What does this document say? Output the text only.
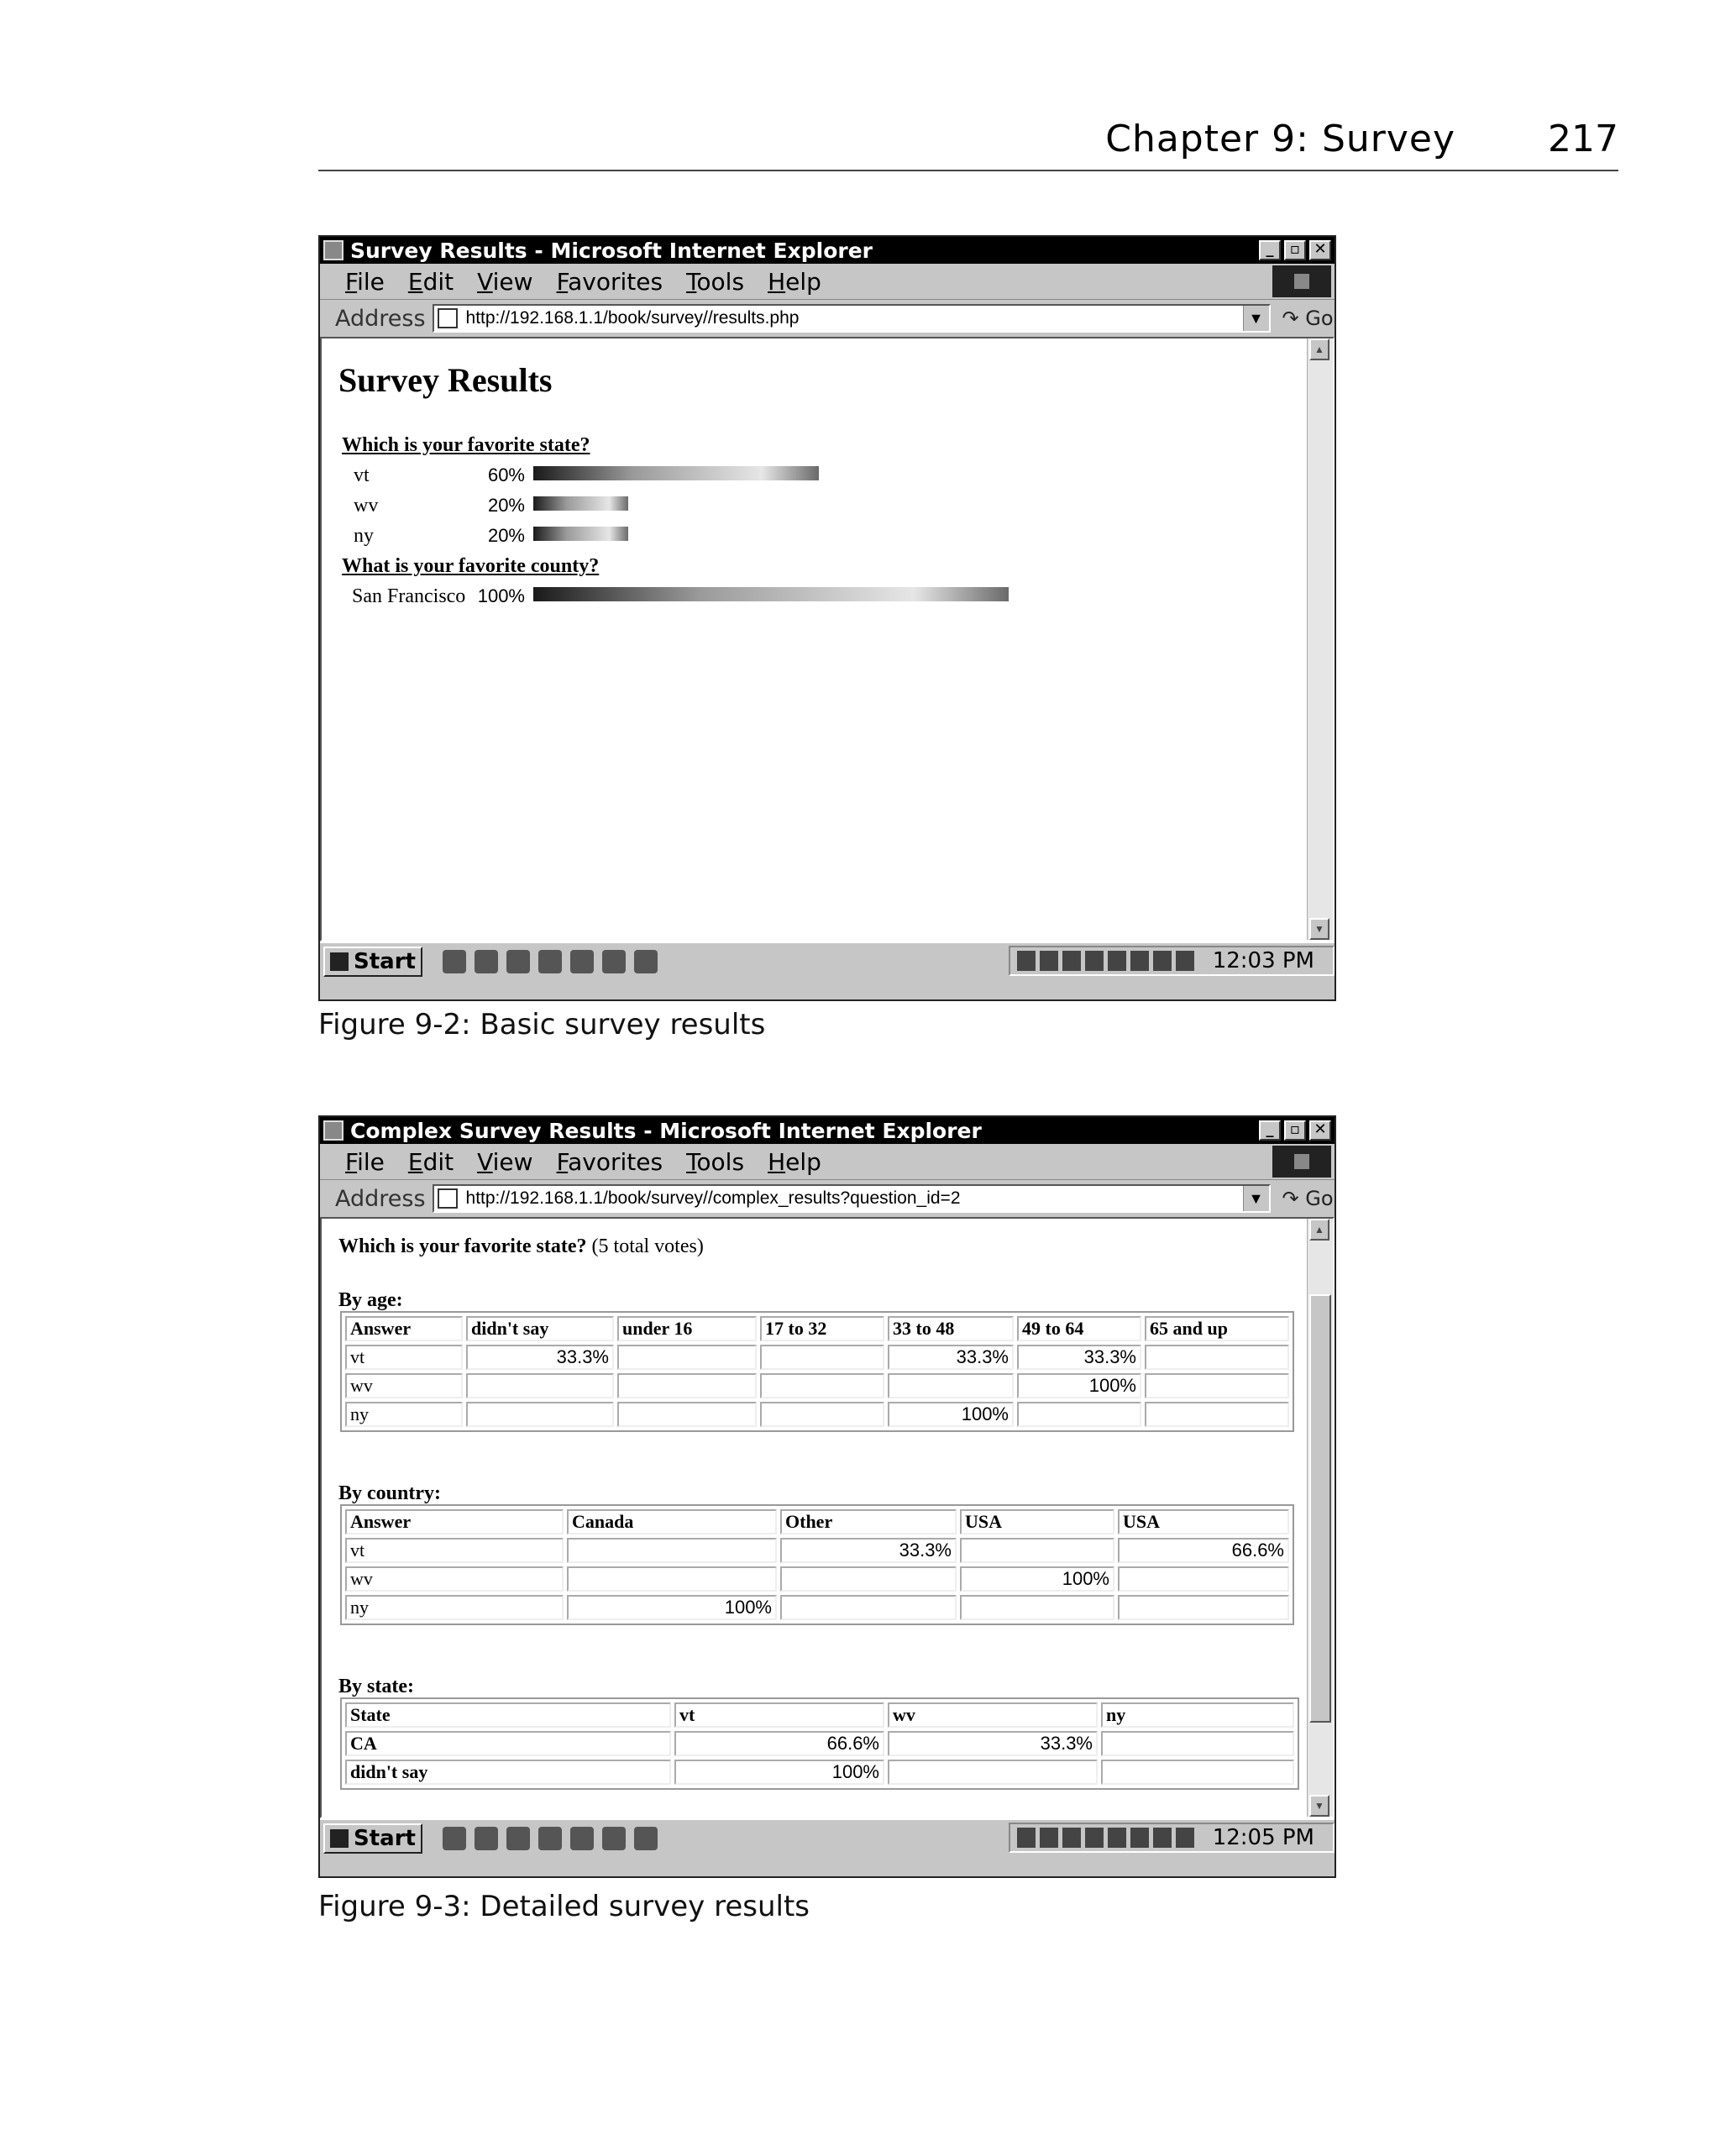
Chapter 9: Survey	217
Survey Results - Microsoft Internet Explorer	_	▫ ✕
File Edit View Favorites Tools Help
Address http://192.168.1.1/book/survey//results.php	▼ ↷ Go
Survey Results
Which is your favorite state?
vt	60%
wv	20%
ny	20%
What is your favorite county?
San Francisco 100%
▲
▼
Start	12:03 PM
Figure 9-2: Basic survey results
Complex Survey Results - Microsoft Internet Explorer	_	▫ ✕
File Edit View Favorites Tools Help
Address http://192.168.1.1/book/survey//complex_results?question_id=2	▼ ↷ Go
Which is your favorite state? (5 total votes)
By age:
Answer	didn't say	under 16	17 to 32	33 to 48	49 to 64	65 and up
vt	33.3%			33.3%	33.3%	
wv					100%	
ny				100%		
By country:
Answer	Canada	Other	USA	USA
vt		33.3%		66.6%
wv			100%	
ny	100%			
By state:
State	vt	wv	ny
CA	66.6%	33.3%	
didn't say	100%		
▲
▼
Start	12:05 PM
Figure 9-3: Detailed survey results
